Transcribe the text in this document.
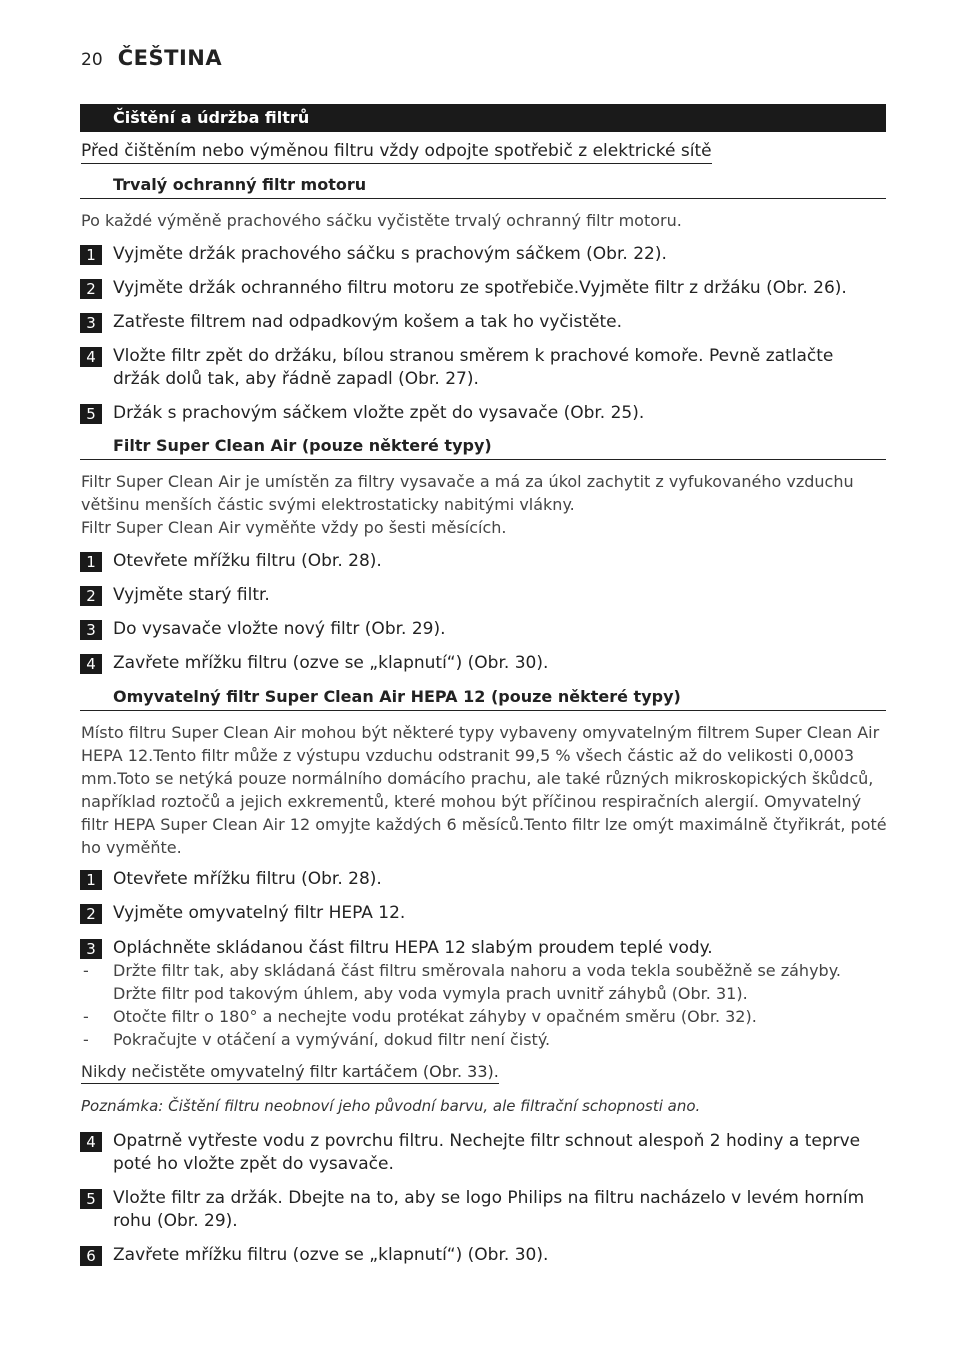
20 ČEŠTINA
Čištění a údržba filtrů
Před čištěním nebo výměnou filtru vždy odpojte spotřebič z elektrické sítě
Trvalý ochranný filtr motoru
Po každé výměně prachového sáčku vyčistěte trvalý ochranný filtr motoru.
1	Vyjměte držák prachového sáčku s prachovým sáčkem (Obr. 22).
2	Vyjměte držák ochranného filtru motoru ze spotřebiče.Vyjměte filtr z držáku (Obr. 26).
3	Zatřeste filtrem nad odpadkovým košem a tak ho vyčistěte.
4	Vložte filtr zpět do držáku, bílou stranou směrem k prachové komoře. Pevně zatlačte držák dolů tak, aby řádně zapadl (Obr. 27).
5	Držák s prachovým sáčkem vložte zpět do vysavače (Obr. 25).
Filtr Super Clean Air (pouze některé typy)
Filtr Super Clean Air je umístěn za filtry vysavače a má za úkol zachytit z vyfukovaného vzduchu většinu menších částic svými elektrostaticky nabitými vlákny.
Filtr Super Clean Air vyměňte vždy po šesti měsících.
1	Otevřete mřížku filtru (Obr. 28).
2	Vyjměte starý filtr.
3	Do vysavače vložte nový filtr (Obr. 29).
4	Zavřete mřížku filtru (ozve se „klapnutí“) (Obr. 30).
Omyvatelný filtr Super Clean Air HEPA 12 (pouze některé typy)
Místo filtru Super Clean Air mohou být některé typy vybaveny omyvatelným filtrem Super Clean Air HEPA 12.Tento filtr může z výstupu vzduchu odstranit 99,5 % všech částic až do velikosti 0,0003 mm.Toto se netýká pouze normálního domácího prachu, ale také různých mikroskopických škůdců, například roztočů a jejich exkrementů, které mohou být příčinou respiračních alergií. Omyvatelný filtr HEPA Super Clean Air 12 omyjte každých 6 měsíců.Tento filtr lze omýt maximálně čtyřikrát, poté ho vyměňte.
1	Otevřete mřížku filtru (Obr. 28).
2	Vyjměte omyvatelný filtr HEPA 12.
3	Opláchněte skládanou část filtru HEPA 12 slabým proudem teplé vody.
- Držte filtr tak, aby skládaná část filtru směrovala nahoru a voda tekla souběžně se záhyby. Držte filtr pod takovým úhlem, aby voda vymyla prach uvnitř záhybů (Obr. 31).
- Otočte filtr o 180° a nechejte vodu protékat záhyby v opačném směru (Obr. 32).
- Pokračujte v otáčení a vymývání, dokud filtr není čistý.
Nikdy nečistěte omyvatelný filtr kartáčem (Obr. 33).
Poznámka: Čištění filtru neobnoví jeho původní barvu, ale filtrační schopnosti ano.
4	Opatrně vytřeste vodu z povrchu filtru. Nechejte filtr schnout alespoň 2 hodiny a teprve poté ho vložte zpět do vysavače.
5	Vložte filtr za držák. Dbejte na to, aby se logo Philips na filtru nacházelo v levém horním rohu (Obr. 29).
6	Zavřete mřížku filtru (ozve se „klapnutí“) (Obr. 30).
